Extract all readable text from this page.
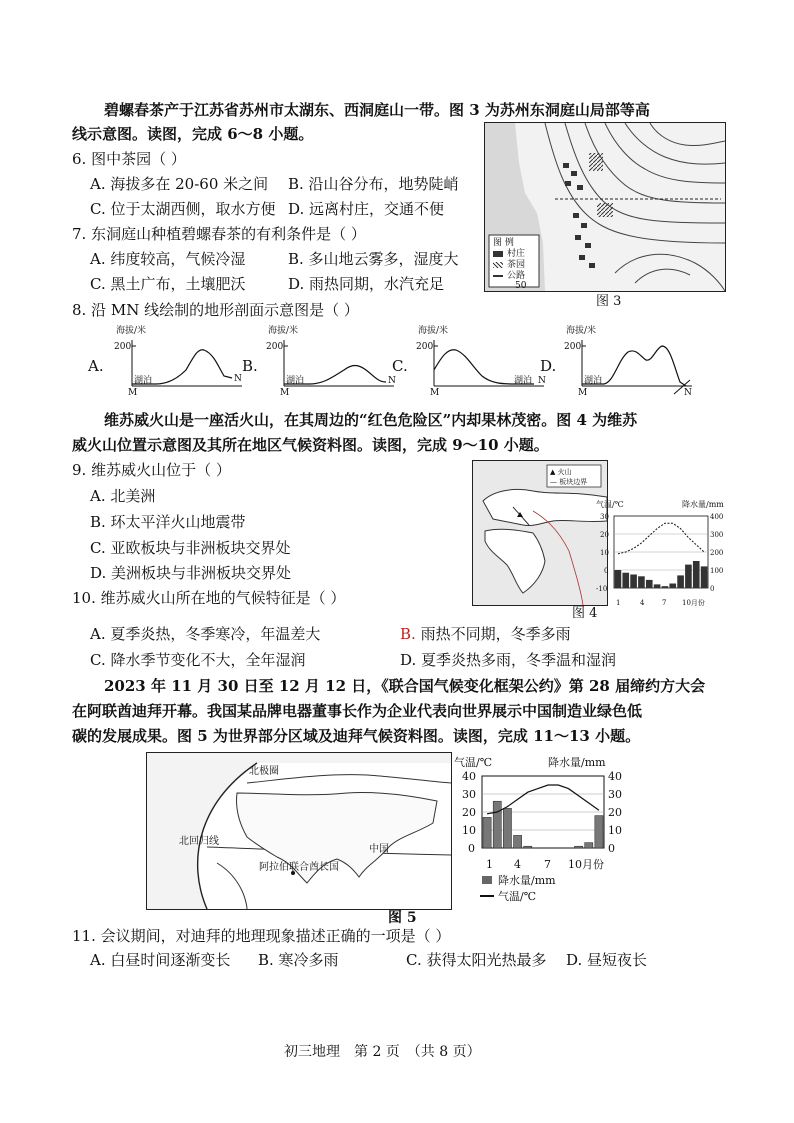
碧螺春茶产于江苏省苏州市太湖东、西洞庭山一带。图 3 为苏州东洞庭山局部等高
线示意图。读图，完成 6～8 小题。
图 例
村庄
茶园
公路
50
图 3
6. 图中茶园（ ）
A. 海拔多在 20-60 米之间 B. 沿山谷分布，地势陡峭
C. 位于太湖西侧，取水方便 D. 远离村庄，交通不便
7. 东洞庭山种植碧螺春茶的有利条件是（ ）
A. 纬度较高，气候冷湿	B. 多山地云雾多，湿度大
C. 黑土广布，土壤肥沃	D. 雨热同期，水汽充足
8. 沿 MN 线绘制的地形剖面示意图是（ ）
A.
海拔/米
200
湖泊
M
N
B.
海拔/米
200
湖泊
M
N
C.
海拔/米
200
M
湖泊 N
D.
海拔/米
200
湖泊
M	N
维苏威火山是一座活火山，在其周边的“红色危险区”内却果林茂密。图 4 为维苏
威火山位置示意图及其所在地区气候资料图。读图，完成 9～10 小题。
9. 维苏威火山位于（ ）
A. 北美洲
B. 环太平洋火山地震带
C. 亚欧板块与非洲板块交界处
D. 美洲板块与非洲板块交界处
▲ 火山
— 板块边界
气温/℃	降水量/mm
30
20
10
0
-10
400
300
200
100
0
1	4	7 10月份
图 4
10. 维苏威火山所在地的气候特征是（ ）
A. 夏季炎热，冬季寒冷，年温差大	B. 雨热不同期，冬季多雨
C. 降水季节变化不大，全年湿润	D. 夏季炎热多雨，冬季温和湿润
2023 年 11 月 30 日至 12 月 12 日，《联合国气候变化框架公约》第 28 届缔约方大会
在阿联酋迪拜开幕。我国某品牌电器董事长作为企业代表向世界展示中国制造业绿色低
碳的发展成果。图 5 为世界部分区域及迪拜气候资料图。读图，完成 11～13 小题。
北极圈
北回归线
中国
阿拉伯联合酋长国
图 5
气温/℃	降水量/mm
40
30
20
10
0
40
30
20
10
0
1 4 7 10月份
降水量/mm
气温/℃
11. 会议期间，对迪拜的地理现象描述正确的一项是（ ）
A. 白昼时间逐渐变长 B. 寒冷多雨	C. 获得太阳光热最多 D. 昼短夜长
初三地理　第 2 页　（共 8 页）
